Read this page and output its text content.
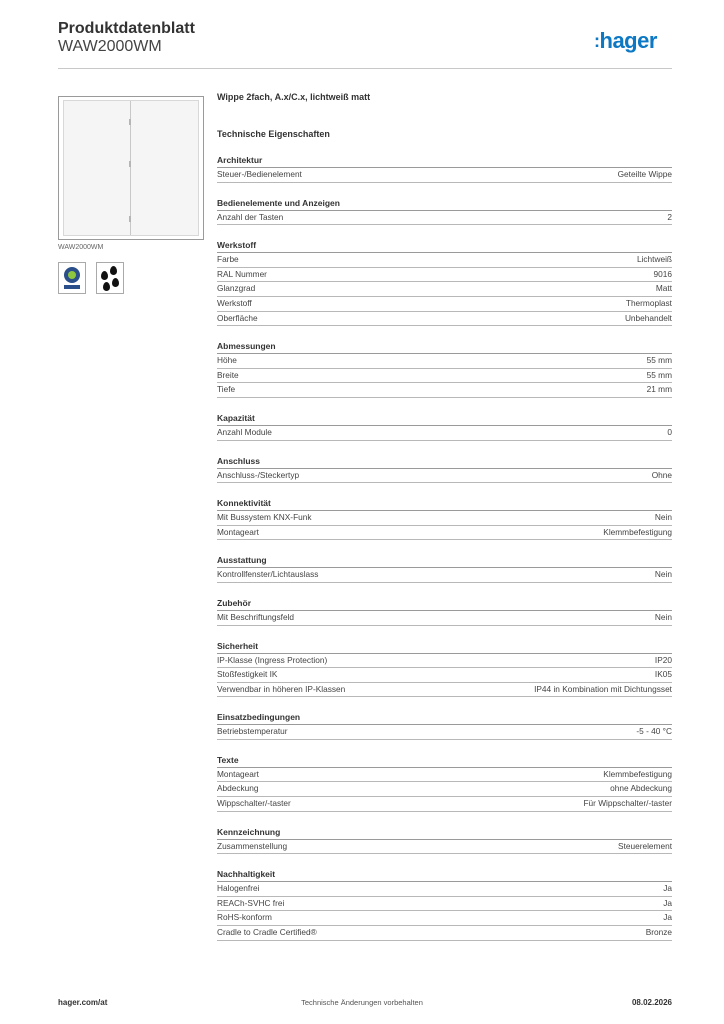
Produktdatenblatt
WAW2000WM	:hager
WAW2000WM
Wippe 2fach, A.x/C.x, lichtweiß matt
Technische Eigenschaften
Architektur
Steuer-/Bedienelement	Geteilte Wippe
Bedienelemente und Anzeigen
Anzahl der Tasten	2
Werkstoff
Farbe	Lichtweiß
RAL Nummer	9016
Glanzgrad	Matt
Werkstoff	Thermoplast
Oberfläche	Unbehandelt
Abmessungen
Höhe	55 mm
Breite	55 mm
Tiefe	21 mm
Kapazität
Anzahl Module	0
Anschluss
Anschluss-/Steckertyp	Ohne
Konnektivität
Mit Bussystem KNX-Funk	Nein
Montageart	Klemmbefestigung
Ausstattung
Kontrollfenster/Lichtauslass	Nein
Zubehör
Mit Beschriftungsfeld	Nein
Sicherheit
IP-Klasse (Ingress Protection)	IP20
Stoßfestigkeit IK	IK05
Verwendbar in höheren IP-Klassen	IP44 in Kombination mit Dichtungsset
Einsatzbedingungen
Betriebstemperatur	-5 - 40 °C
Texte
Montageart	Klemmbefestigung
Abdeckung	ohne Abdeckung
Wippschalter/-taster	Für Wippschalter/-taster
Kennzeichnung
Zusammenstellung	Steuerelement
Nachhaltigkeit
Halogenfrei	Ja
REACh-SVHC frei	Ja
RoHS-konform	Ja
Cradle to Cradle Certified®	Bronze
hager.com/at	Technische Änderungen vorbehalten	08.02.2026
